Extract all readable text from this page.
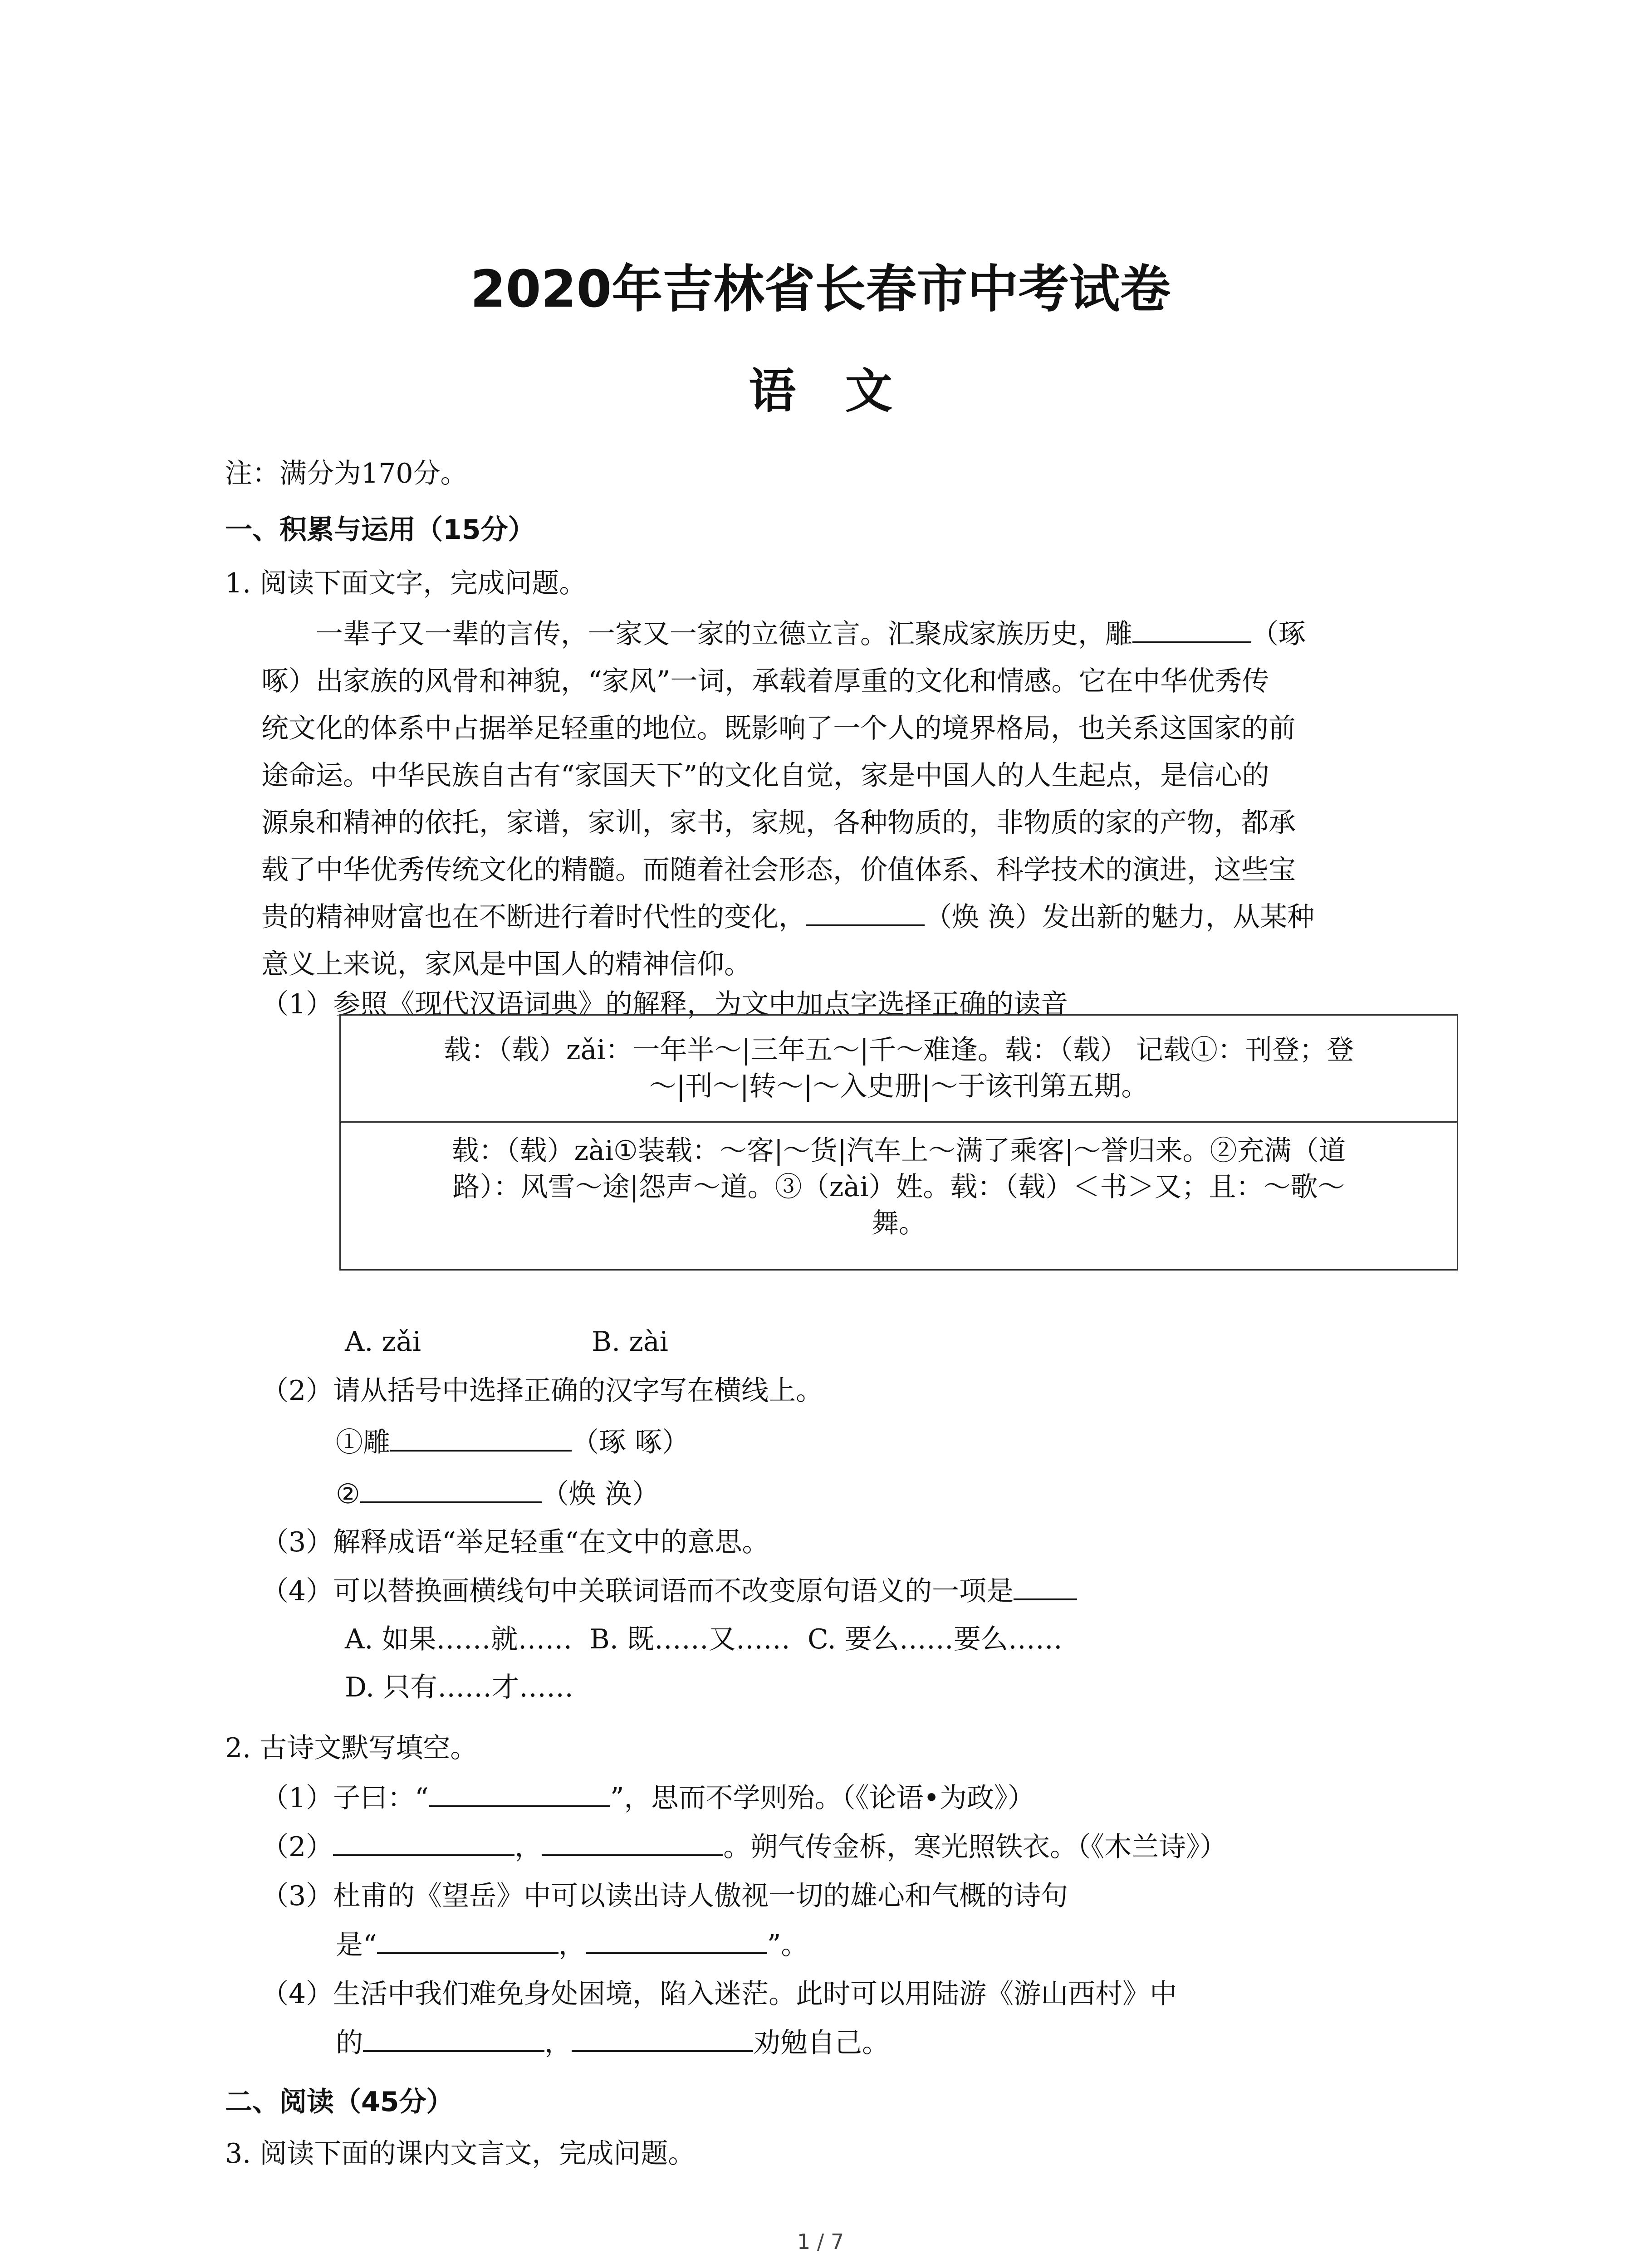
2020年吉林省长春市中考试卷
语   文
注：满分为170分。
一、积累与运用（15分）
1. 阅读下面文字，完成问题。
一辈子又一辈的言传，一家又一家的立德立言。汇聚成家族历史，雕	（琢
啄）出家族的风骨和神貌，“家风”一词，承载着厚重的文化和情感。它在中华优秀传
统文化的体系中占据举足轻重的地位。既影响了一个人的境界格局，也关系这国家的前
途命运。中华民族自古有“家国天下”的文化自觉，家是中国人的人生起点，是信心的
源泉和精神的依托，家谱，家训，家书，家规，各种物质的，非物质的家的产物，都承
载了中华优秀传统文化的精髓。而随着社会形态，价值体系、科学技术的演进，这些宝
贵的精神财富也在不断进行着时代性的变化，	（焕 涣）发出新的魅力，从某种
意义上来说，家风是中国人的精神信仰。
（1）参照《现代汉语词典》的解释，为文中加点字选择正确的读音
载：（载）zǎi：一年半～|三年五～|千～难逢。载：（载） 记载①：刊登；登
～|刊～|转～|～入史册|～于该刊第五期。
载：（载）zài①装载：～客|～货|汽车上～满了乘客|～誉归来。②充满（道
路）：风雪～途|怨声～道。③（zài）姓。载：（载）＜书＞又；且：～歌～
舞。
A. zǎi	B. zài
（2）请从括号中选择正确的汉字写在横线上。
①雕	（琢 啄）
②	（焕 涣）
（3）解释成语“举足轻重“在文中的意思。
（4）可以替换画横线句中关联词语而不改变原句语义的一项是
A. 如果……就……  B. 既……又……  C. 要么……要么……
D. 只有……才……
2. 古诗文默写填空。
（1）子曰：“	”，思而不学则殆。（《论语•为政》）
（2）	，	。朔气传金柝，寒光照铁衣。（《木兰诗》）
（3）杜甫的《望岳》中可以读出诗人傲视一切的雄心和气概的诗句
是“	，	”。
（4）生活中我们难免身处困境，陷入迷茫。此时可以用陆游《游山西村》中
的	，	劝勉自己。
二、阅读（45分）
3. 阅读下面的课内文言文，完成问题。
1 / 7
